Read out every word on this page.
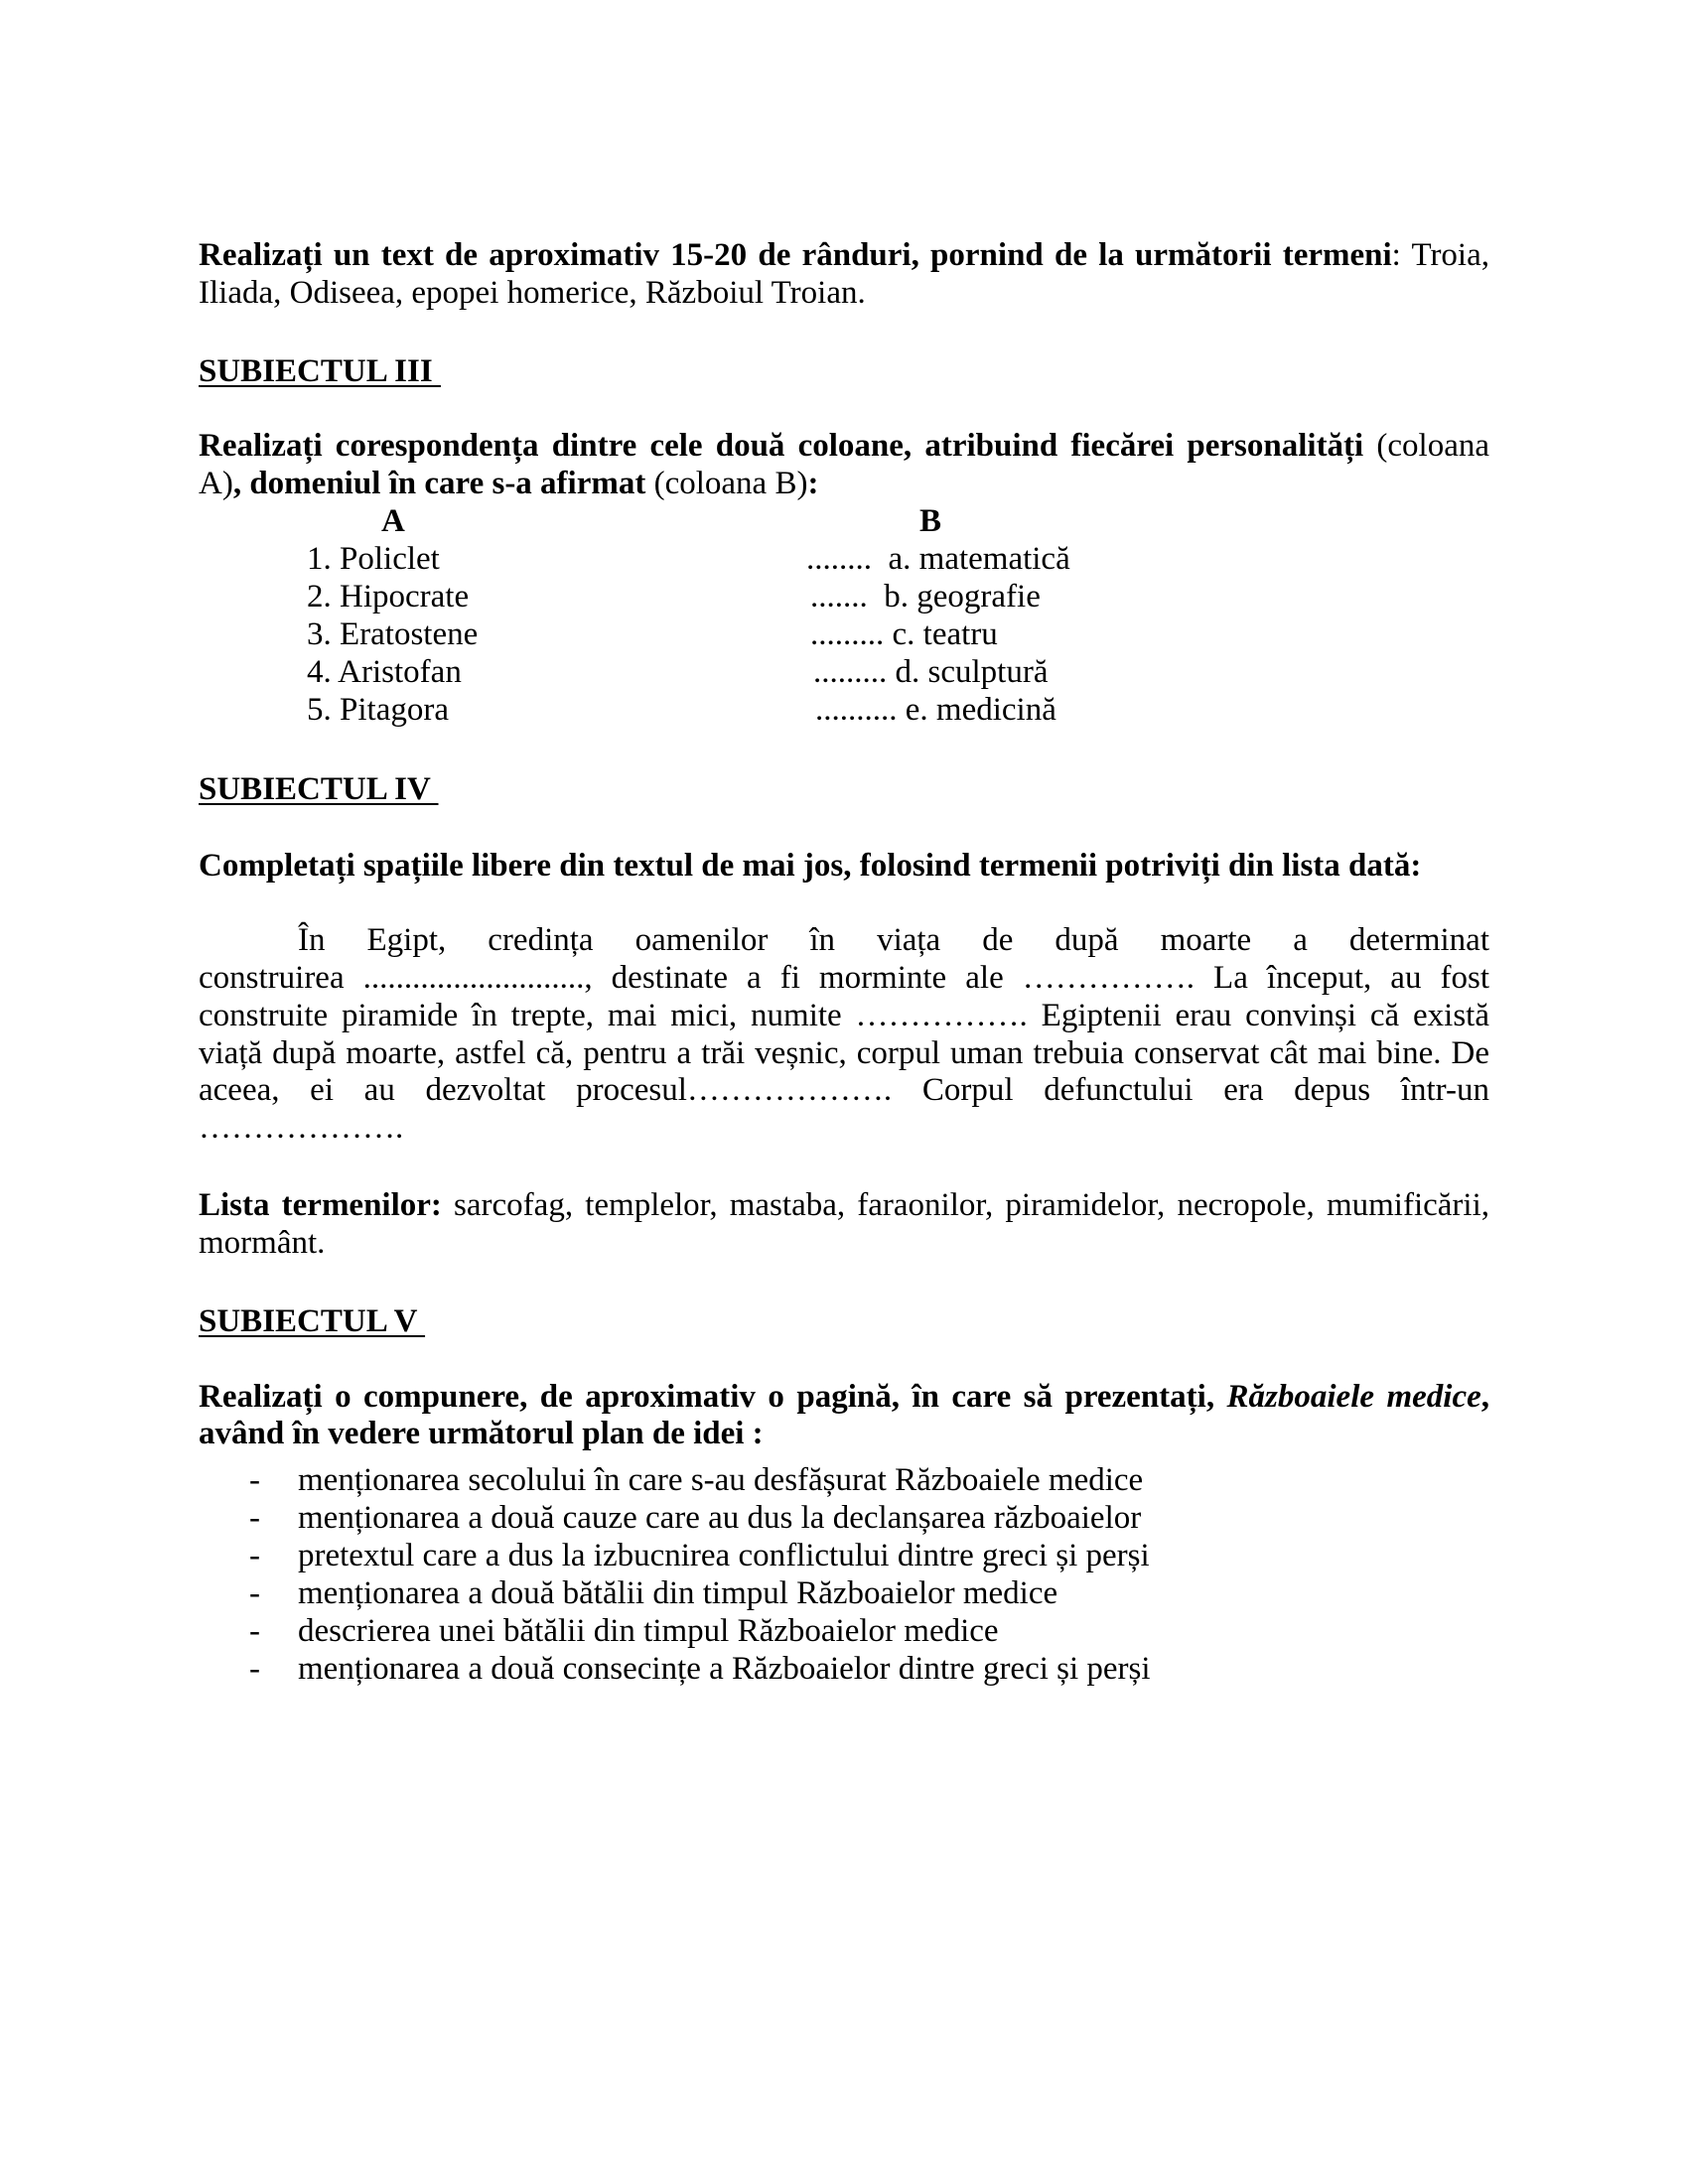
Realizați un text de aproximativ 15-20 de rânduri, pornind de la următorii termeni: Troia,
Iliada, Odiseea, epopei homerice, Războiul Troian.
SUBIECTUL III
Realizați corespondența dintre cele două coloane, atribuind fiecărei personalități (coloana
A), domeniul în care s-a afirmat (coloana B):
A	B
1. Policlet
2. Hipocrate
3. Eratostene
4. Aristofan
5. Pitagora
........  a. matematică
.......  b. geografie
......... c. teatru
......... d. sculptură
.......... e. medicină
SUBIECTUL IV
Completați spațiile libere din textul de mai jos, folosind termenii potriviți din lista dată:
În Egipt, credința oamenilor în viața de după moarte a determinat
construirea ..........................., destinate a fi morminte ale ……………. La început, au fost
construite piramide în trepte, mai mici, numite ……………. Egiptenii erau convinși că există
viață după moarte, astfel că, pentru a trăi veșnic, corpul uman trebuia conservat cât mai bine. De
aceea, ei au dezvoltat procesul………………. Corpul defunctului era depus într-un
……………….
Lista termenilor: sarcofag, templelor, mastaba, faraonilor, piramidelor, necropole, mumificării,
mormânt.
SUBIECTUL V
Realizați o compunere, de aproximativ o pagină, în care să prezentați, Războaiele medice,
având în vedere următorul plan de idei :
- menționarea secolului în care s-au desfășurat Războaiele medice
- menționarea a două cauze care au dus la declanșarea războaielor
- pretextul care a dus la izbucnirea conflictului dintre greci și perși
- menționarea a două bătălii din timpul Războaielor medice
- descrierea unei bătălii din timpul Războaielor medice
- menționarea a două consecințe a Războaielor dintre greci și perși
